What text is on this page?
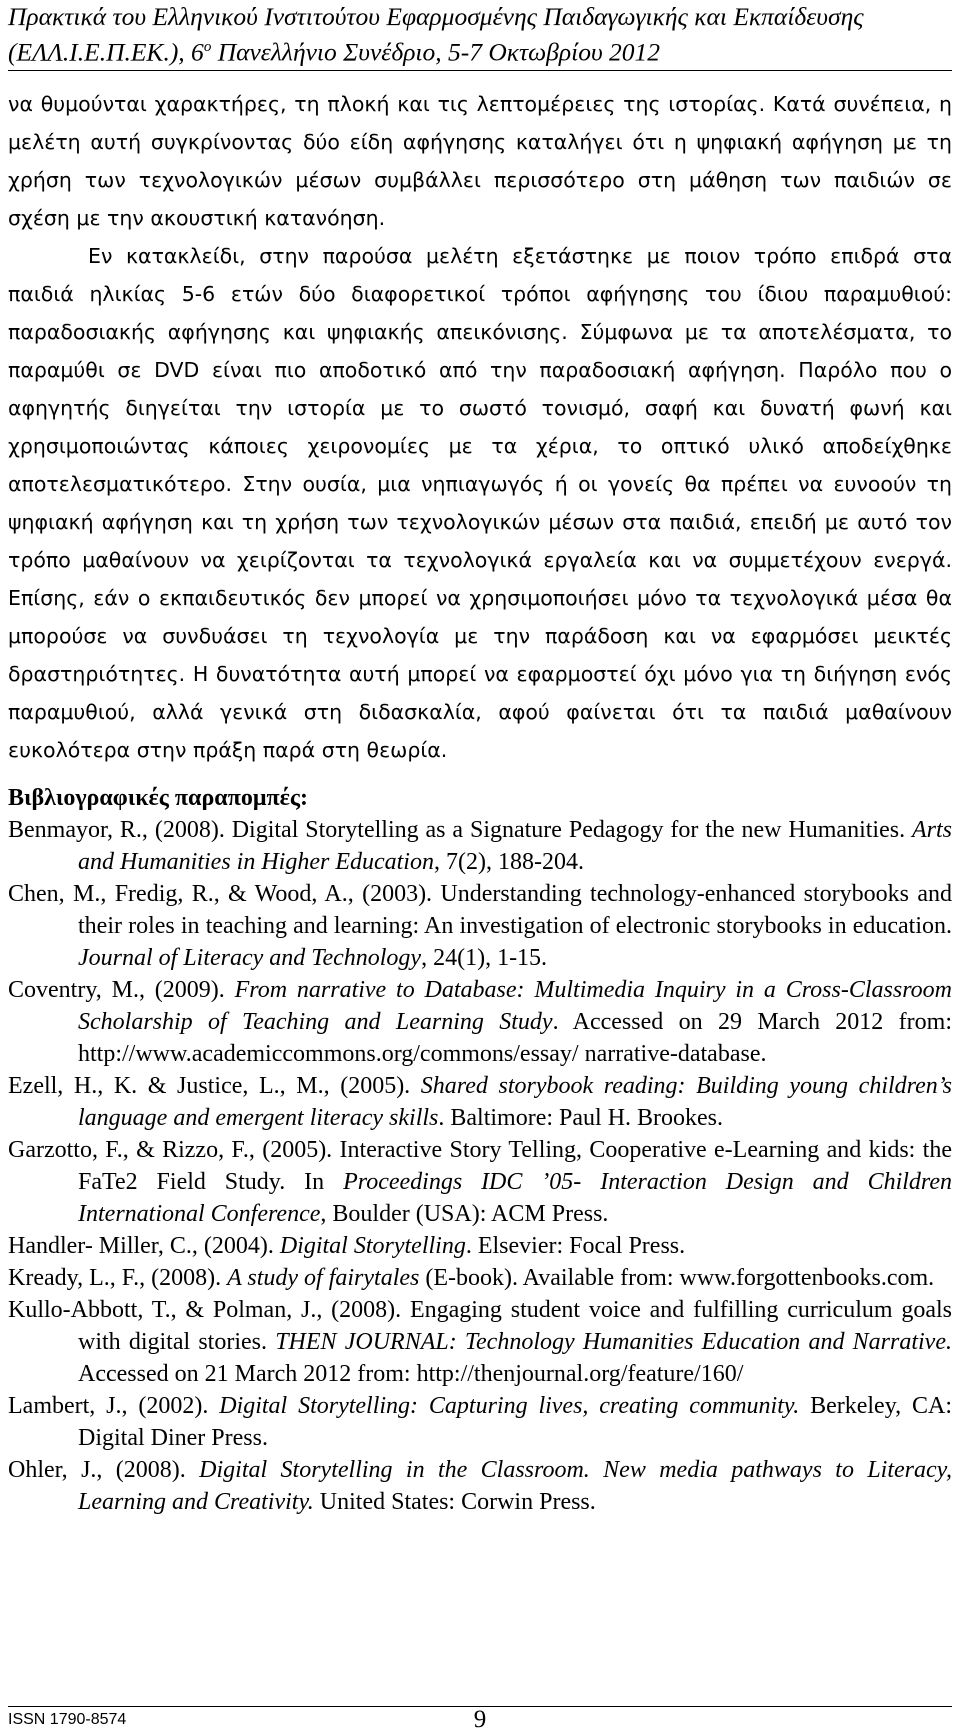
Πρακτικά του Ελληνικού Ινστιτούτου Εφαρμοσμένης Παιδαγωγικής και Εκπαίδευσης
(ΕΛΛ.Ι.Ε.Π.ΕΚ.), $6^o$ Πανελλήνιο Συνέδριο, 5-7 Οκτωβρίου 2012

να θυμούνται χαρακτήρες, τη πλοκή και τις λεπτομέρειες της ιστορίας. Κατά συνέπεια, η μελέτη αυτή συγκρίνοντας δύο είδη αφήγησης καταλήγει ότι η ψηφιακή αφήγηση με τη χρήση των τεχνολογικών μέσων συμβάλλει περισσότερο στη μάθηση των παιδιών σε σχέση με την ακουστική κατανόηση.

Εν κατακλείδι, στην παρούσα μελέτη εξετάστηκε με ποιον τρόπο επιδρά στα παιδιά ηλικίας 5-6 ετών δύο διαφορετικοί τρόποι αφήγησης του ίδιου παραμυθιού: παραδοσιακής αφήγησης και ψηφιακής απεικόνισης. Σύμφωνα με τα αποτελέσματα, το παραμύθι σε DVD είναι πιο αποδοτικό από την παραδοσιακή αφήγηση. Παρόλο που ο αφηγητής διηγείται την ιστορία με το σωστό τονισμό, σαφή και δυνατή φωνή και χρησιμοποιώντας κάποιες χειρονομίες με τα χέρια, το οπτικό υλικό αποδείχθηκε αποτελεσματικότερο. Στην ουσία, μια νηπιαγωγός ή οι γονείς θα πρέπει να ευνοούν τη ψηφιακή αφήγηση και τη χρήση των τεχνολογικών μέσων στα παιδιά, επειδή με αυτό τον τρόπο μαθαίνουν να χειρίζονται τα τεχνολογικά εργαλεία και να συμμετέχουν ενεργά. Επίσης, εάν ο εκπαιδευτικός δεν μπορεί να χρησιμοποιήσει μόνο τα τεχνολογικά μέσα θα μπορούσε να συνδυάσει τη τεχνολογία με την παράδοση και να εφαρμόσει μεικτές δραστηριότητες. Η δυνατότητα αυτή μπορεί να εφαρμοστεί όχι μόνο για τη διήγηση ενός παραμυθιού, αλλά γενικά στη διδασκαλία, αφού φαίνεται ότι τα παιδιά μαθαίνουν ευκολότερα στην πράξη παρά στη θεωρία.

Βιβλιογραφικές παραπομπές:

Benmayor, R., (2008). Digital Storytelling as a Signature Pedagogy for the new Humanities. Arts and Humanities in Higher Education, 7(2), 188-204.

Chen, M., Fredig, R., & Wood, A., (2003). Understanding technology-enhanced storybooks and their roles in teaching and learning: An investigation of electronic storybooks in education. Journal of Literacy and Technology, 24(1), 1-15.

Coventry, M., (2009). From narrative to Database: Multimedia Inquiry in a Cross-Classroom Scholarship of Teaching and Learning Study. Accessed on 29 March 2012 from: http://www.academiccommons.org/commons/essay/ narrative-database.

Ezell, H., K. & Justice, L., M., (2005). Shared storybook reading: Building young children’s language and emergent literacy skills. Baltimore: Paul H. Brookes.

Garzotto, F., & Rizzo, F., (2005). Interactive Story Telling, Cooperative e-Learning and kids: the FaTe2 Field Study. In Proceedings IDC ’05- Interaction Design and Children International Conference, Boulder (USA): ACM Press.

Handler- Miller, C., (2004). Digital Storytelling. Elsevier: Focal Press.

Kready, L., F., (2008). A study of fairytales (E-book). Available from: www.forgottenbooks.com.

Kullo-Abbott, T., & Polman, J., (2008). Engaging student voice and fulfilling curriculum goals with digital stories. THEN JOURNAL: Technology Humanities Education and Narrative. Accessed on 21 March 2012 from: http://thenjournal.org/feature/160/

Lambert, J., (2002). Digital Storytelling: Capturing lives, creating community. Berkeley, CA: Digital Diner Press.

Ohler, J., (2008). Digital Storytelling in the Classroom. New media pathways to Literacy, Learning and Creativity. United States: Corwin Press.

ISSN 1790-8574	9
